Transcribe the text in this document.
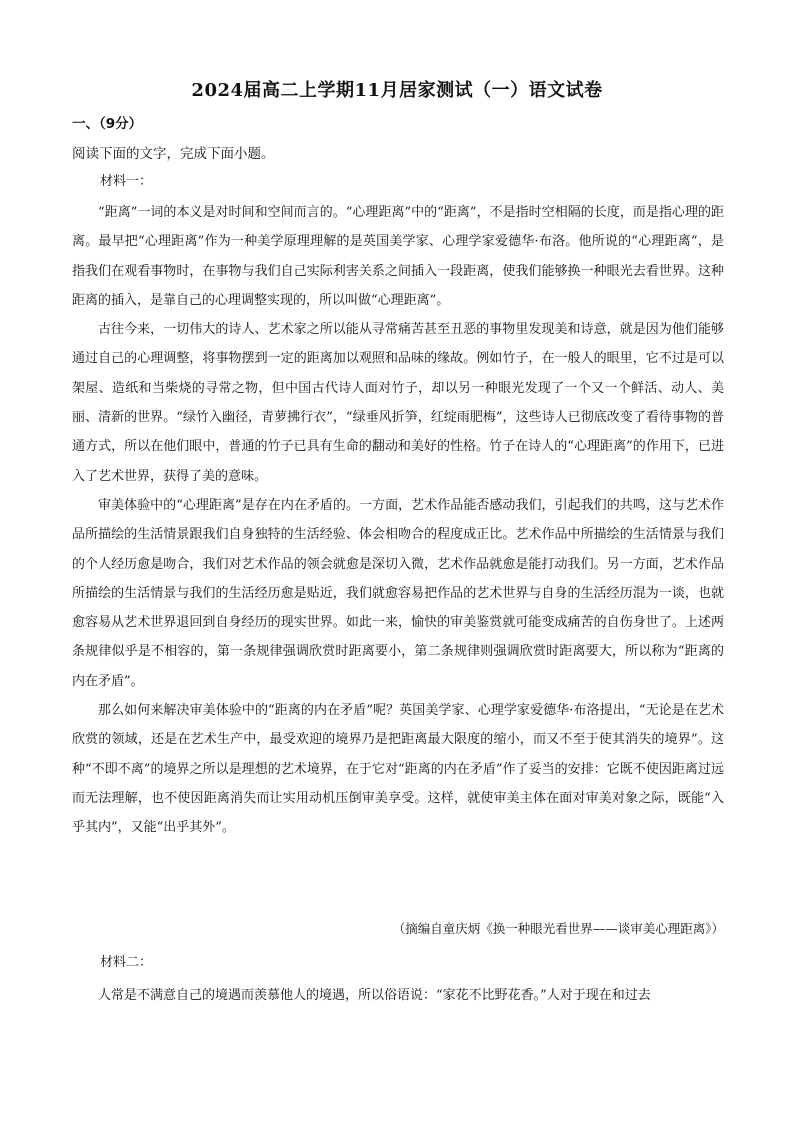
2024届高二上学期11月居家测试（一）语文试卷
一、（9分）
阅读下面的文字，完成下面小题。
材料一：

“距离”一词的本义是对时间和空间而言的。“心理距离”中的“距离”，不是指时空相隔的长度，而是指心理的距离。最早把“心理距离”作为一种美学原理理解的是英国美学家、心理学家爱德华·布洛。他所说的“心理距离”，是指我们在观看事物时，在事物与我们自己实际利害关系之间插入一段距离，使我们能够换一种眼光去看世界。这种距离的插入，是靠自己的心理调整实现的，所以叫做“心理距离”。

古往今来，一切伟大的诗人、艺术家之所以能从寻常痛苦甚至丑恶的事物里发现美和诗意，就是因为他们能够通过自己的心理调整，将事物摆到一定的距离加以观照和品味的缘故。例如竹子，在一般人的眼里，它不过是可以架屋、造纸和当柴烧的寻常之物，但中国古代诗人面对竹子，却以另一种眼光发现了一个又一个鲜活、动人、美丽、清新的世界。“绿竹入幽径，青萝拂行衣”，“绿垂风折笋，红绽雨肥梅”，这些诗人已彻底改变了看待事物的普通方式，所以在他们眼中，普通的竹子已具有生命的翻动和美好的性格。竹子在诗人的“心理距离”的作用下，已进入了艺术世界，获得了美的意味。

审美体验中的“心理距离”是存在内在矛盾的。一方面，艺术作品能否感动我们，引起我们的共鸣，这与艺术作品所描绘的生活情景跟我们自身独特的生活经验、体会相吻合的程度成正比。艺术作品中所描绘的生活情景与我们的个人经历愈是吻合，我们对艺术作品的领会就愈是深切入微，艺术作品就愈是能打动我们。另一方面，艺术作品所描绘的生活情景与我们的生活经历愈是贴近，我们就愈容易把作品的艺术世界与自身的生活经历混为一谈，也就愈容易从艺术世界退回到自身经历的现实世界。如此一来，愉快的审美鉴赏就可能变成痛苦的自伤身世了。上述两条规律似乎是不相容的，第一条规律强调欣赏时距离要小，第二条规律则强调欣赏时距离要大，所以称为“距离的内在矛盾”。

那么如何来解决审美体验中的“距离的内在矛盾”呢？英国美学家、心理学家爱德华·布洛提出，“无论是在艺术欣赏的领域，还是在艺术生产中，最受欢迎的境界乃是把距离最大限度的缩小，而又不至于使其消失的境界”。这种“不即不离”的境界之所以是理想的艺术境界，在于它对“距离的内在矛盾”作了妥当的安排：它既不使因距离过远而无法理解，也不使因距离消失而让实用动机压倒审美享受。这样，就使审美主体在面对审美对象之际，既能“入乎其内”，又能“出乎其外”。

（摘编自童庆炳《换一种眼光看世界——谈审美心理距离》）
材料二：

人常是不满意自己的境遇而羡慕他人的境遇，所以俗语说：“家花不比野花香。”人对于现在和过去
